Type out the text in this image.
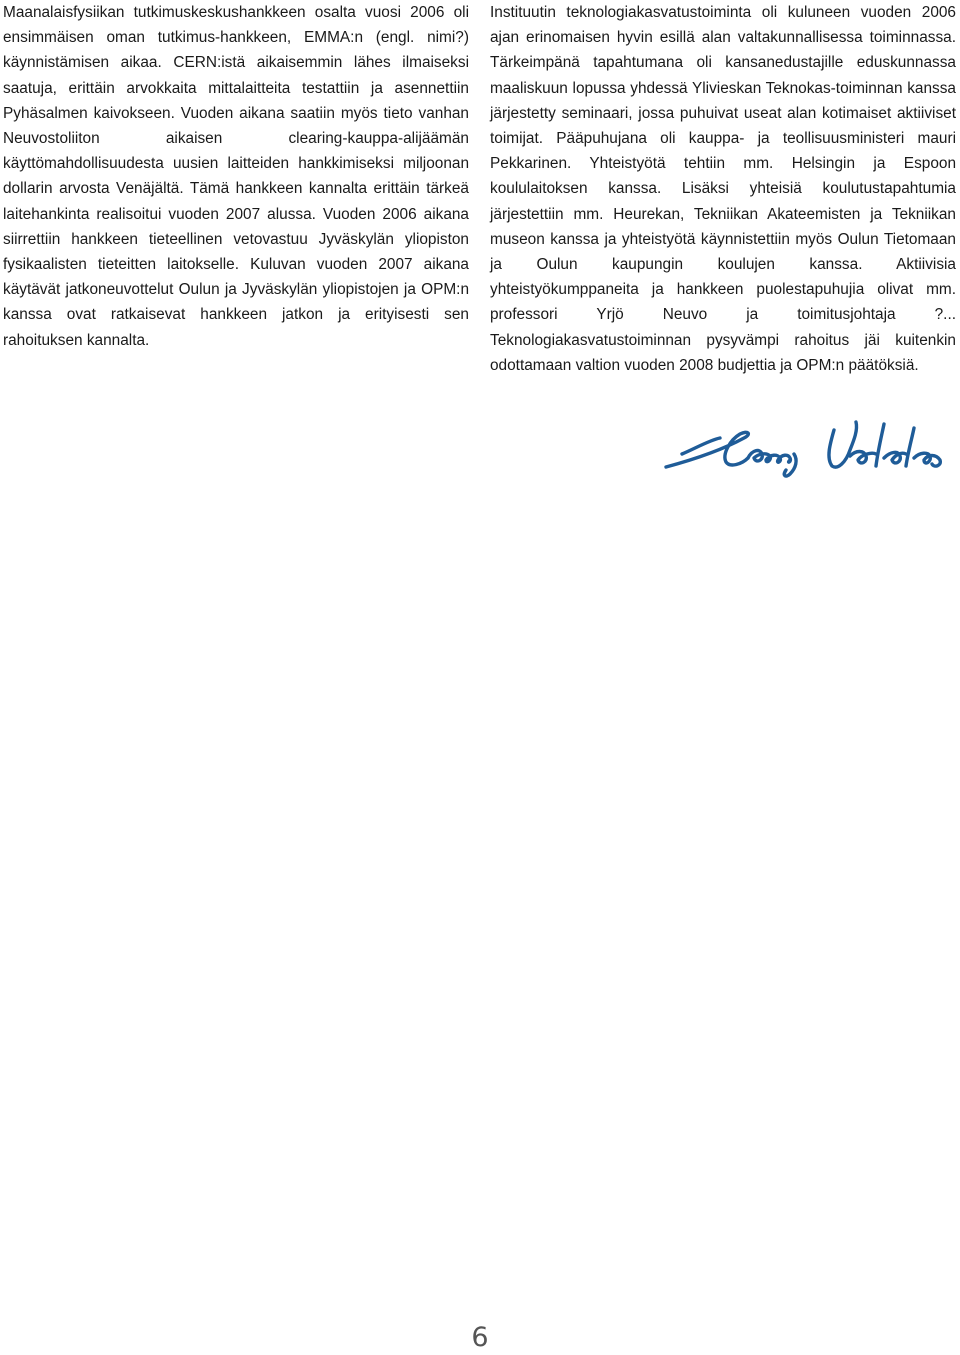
Maanalaisfysiikan tutkimuskeskushankkeen osalta vuosi 2006 oli ensimmäisen oman tutkimus-hankkeen, EMMA:n (engl. nimi?) käynnistämisen aikaa. CERN:istä aikaisemmin lähes ilmaiseksi saatuja, erittäin arvokkaita mittalaitteita testattiin ja asennettiin Pyhäsalmen kaivokseen. Vuoden aikana saatiin myös tieto vanhan Neuvostoliiton aikaisen clearing-kauppa-alijäämän käyttömahdollisuudesta uusien laitteiden hankkimiseksi miljoonan dollarin arvosta Venäjältä. Tämä hankkeen kannalta erittäin tärkeä laitehankinta realisoitui vuoden 2007 alussa. Vuoden 2006 aikana siirrettiin hankkeen tieteellinen vetovastuu Jyväskylän yliopiston fysikaalisten tieteitten laitokselle. Kuluvan vuoden 2007 aikana käytävät jatkoneuvottelut Oulun ja Jyväskylän yliopistojen ja OPM:n kanssa ovat ratkaisevat hankkeen jatkon ja erityisesti sen rahoituksen kannalta.

Instituutin teknologiakasvatustoiminta oli kuluneen vuoden 2006 ajan erinomaisen hyvin esillä alan valtakunnallisessa toiminnassa. Tärkeimpänä tapahtumana oli kansanedustajille eduskunnassa maaliskuun lopussa yhdessä Ylivieskan Teknokas-toiminnan kanssa järjestetty seminaari, jossa puhuivat useat alan kotimaiset aktiiviset toimijat. Pääpuhujana oli kauppa- ja teollisuusministeri mauri Pekkarinen. Yhteistyötä tehtiin mm. Helsingin ja Espoon koululaitoksen kanssa. Lisäksi yhteisiä koulutustapahtumia järjestettiin mm. Heurekan, Tekniikan Akateemisten ja Tekniikan museon kanssa ja yhteistyötä käynnistettiin myös Oulun Tietomaan ja Oulun kaupungin koulujen kanssa. Aktiivisia yhteistyökumppaneita ja hankkeen puolestapuhujia olivat mm. professori Yrjö Neuvo ja toimitusjohtaja ?... Teknologiakasvatustoiminnan pysyvämpi rahoitus jäi kuitenkin odottamaan valtion vuoden 2008 budjettia ja OPM:n päätöksiä.

6
